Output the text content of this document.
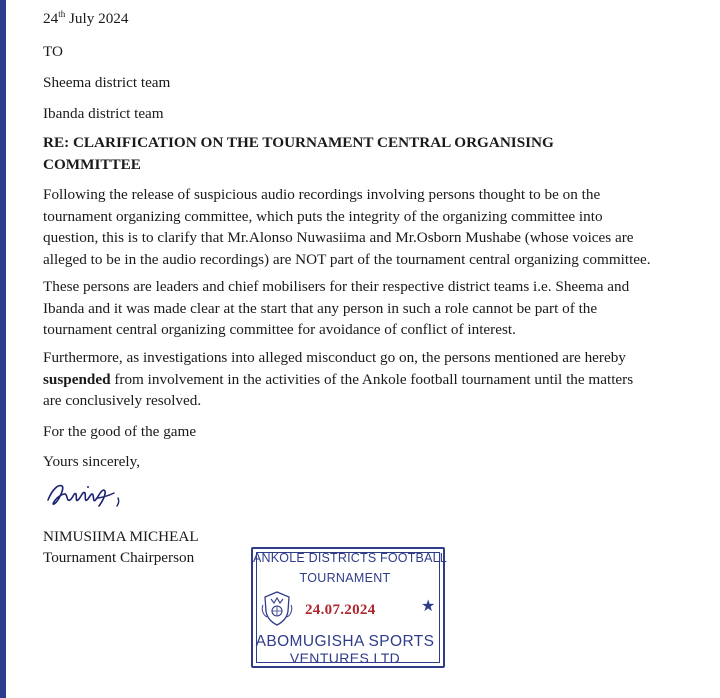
24th July 2024
TO
Sheema district team
Ibanda district team
RE: CLARIFICATION ON THE TOURNAMENT CENTRAL ORGANISING
COMMITTEE
Following the release of suspicious audio recordings involving persons thought to be on the
tournament organizing committee, which puts the integrity of the organizing committee into
question, this is to clarify that Mr.Alonso Nuwasiima and Mr.Osborn Mushabe (whose voices are
alleged to be in the audio recordings) are NOT part of the tournament central organizing committee.
These persons are leaders and chief mobilisers for their respective district teams i.e. Sheema and
Ibanda and it was made clear at the start that any person in such a role cannot be part of the
tournament central organizing committee for avoidance of conflict of interest.
Furthermore, as investigations into alleged misconduct go on, the persons mentioned are hereby
suspended from involvement in the activities of the Ankole football tournament until the matters
are conclusively resolved.
For the good of the game
Yours sincerely,
NIMUSIIMA MICHEAL
Tournament Chairperson	ANKOLE DISTRICTS FOOTBALL
TOURNAMENT
24.07.2024	★
ABOMUGISHA SPORTS
VENTURES LTD
